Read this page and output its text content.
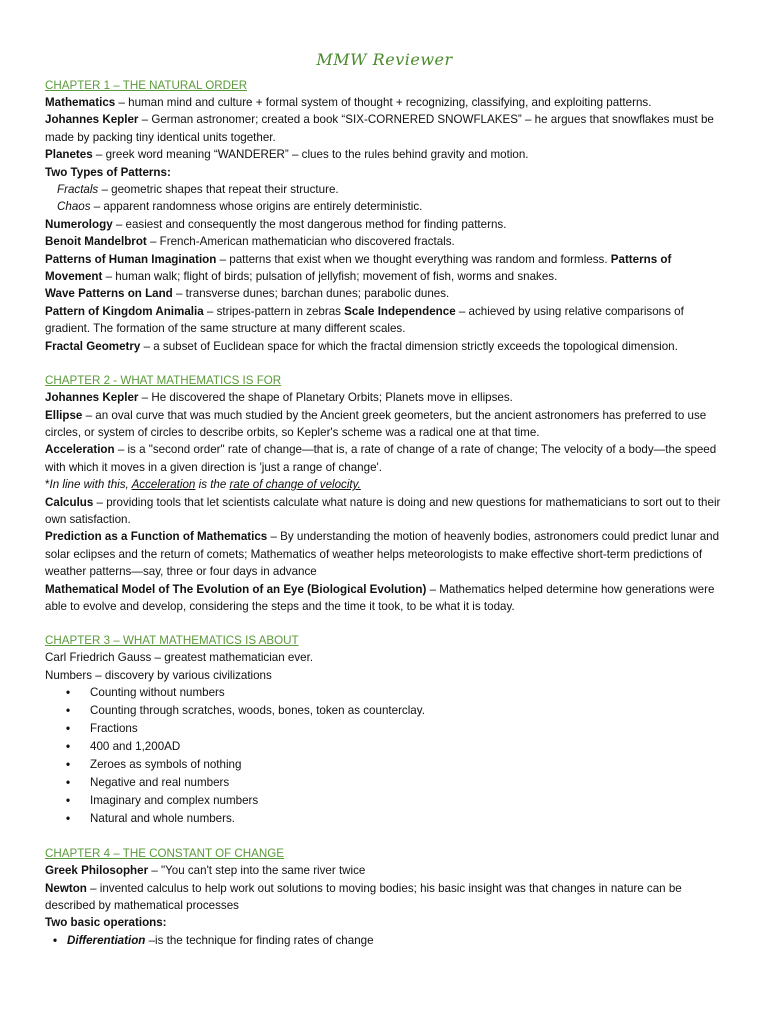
MMW Reviewer

CHAPTER 1 – THE NATURAL ORDER

Mathematics – human mind and culture + formal system of thought + recognizing, classifying, and exploiting patterns.

Johannes Kepler – German astronomer; created a book “SIX-CORNERED SNOWFLAKES” – he argues that snowflakes must be made by packing tiny identical units together.

Planetes – greek word meaning “WANDERER” – clues to the rules behind gravity and motion.

Two Types of Patterns:

Fractals – geometric shapes that repeat their structure.

Chaos – apparent randomness whose origins are entirely deterministic.

Numerology – easiest and consequently the most dangerous method for finding patterns.

Benoit Mandelbrot – French-American mathematician who discovered fractals.

Patterns of Human Imagination – patterns that exist when we thought everything was random and formless. Patterns of Movement – human walk; flight of birds; pulsation of jellyfish; movement of fish, worms and snakes.

Wave Patterns on Land – transverse dunes; barchan dunes; parabolic dunes.

Pattern of Kingdom Animalia – stripes-pattern in zebras Scale Independence – achieved by using relative comparisons of gradient. The formation of the same structure at many different scales.

Fractal Geometry – a subset of Euclidean space for which the fractal dimension strictly exceeds the topological dimension.

CHAPTER 2 - WHAT MATHEMATICS IS FOR

Johannes Kepler – He discovered the shape of Planetary Orbits; Planets move in ellipses.

Ellipse – an oval curve that was much studied by the Ancient greek geometers, but the ancient astronomers has preferred to use circles, or system of circles to describe orbits, so Kepler's scheme was a radical one at that time.

Acceleration – is a "second order" rate of change—that is, a rate of change of a rate of change; The velocity of a body—the speed with which it moves in a given direction is 'just a range of change'.

*In line with this, Acceleration is the rate of change of velocity.

Calculus – providing tools that let scientists calculate what nature is doing and new questions for mathematicians to sort out to their own satisfaction.

Prediction as a Function of Mathematics – By understanding the motion of heavenly bodies, astronomers could predict lunar and solar eclipses and the return of comets; Mathematics of weather helps meteorologists to make effective short-term predictions of weather patterns—say, three or four days in advance

Mathematical Model of The Evolution of an Eye (Biological Evolution) – Mathematics helped determine how generations were able to evolve and develop, considering the steps and the time it took, to be what it is today.

CHAPTER 3 – WHAT MATHEMATICS IS ABOUT

Carl Friedrich Gauss – greatest mathematician ever.

Numbers – discovery by various civilizations

• Counting without numbers
• Counting through scratches, woods, bones, token as counterclay.
• Fractions
• 400 and 1,200AD
• Zeroes as symbols of nothing
• Negative and real numbers
• Imaginary and complex numbers
• Natural and whole numbers.

CHAPTER 4 – THE CONSTANT OF CHANGE

Greek Philosopher – "You can't step into the same river twice

Newton – invented calculus to help work out solutions to moving bodies; his basic insight was that changes in nature can be described by mathematical processes

Two basic operations:

• Differentiation –is the technique for finding rates of change
